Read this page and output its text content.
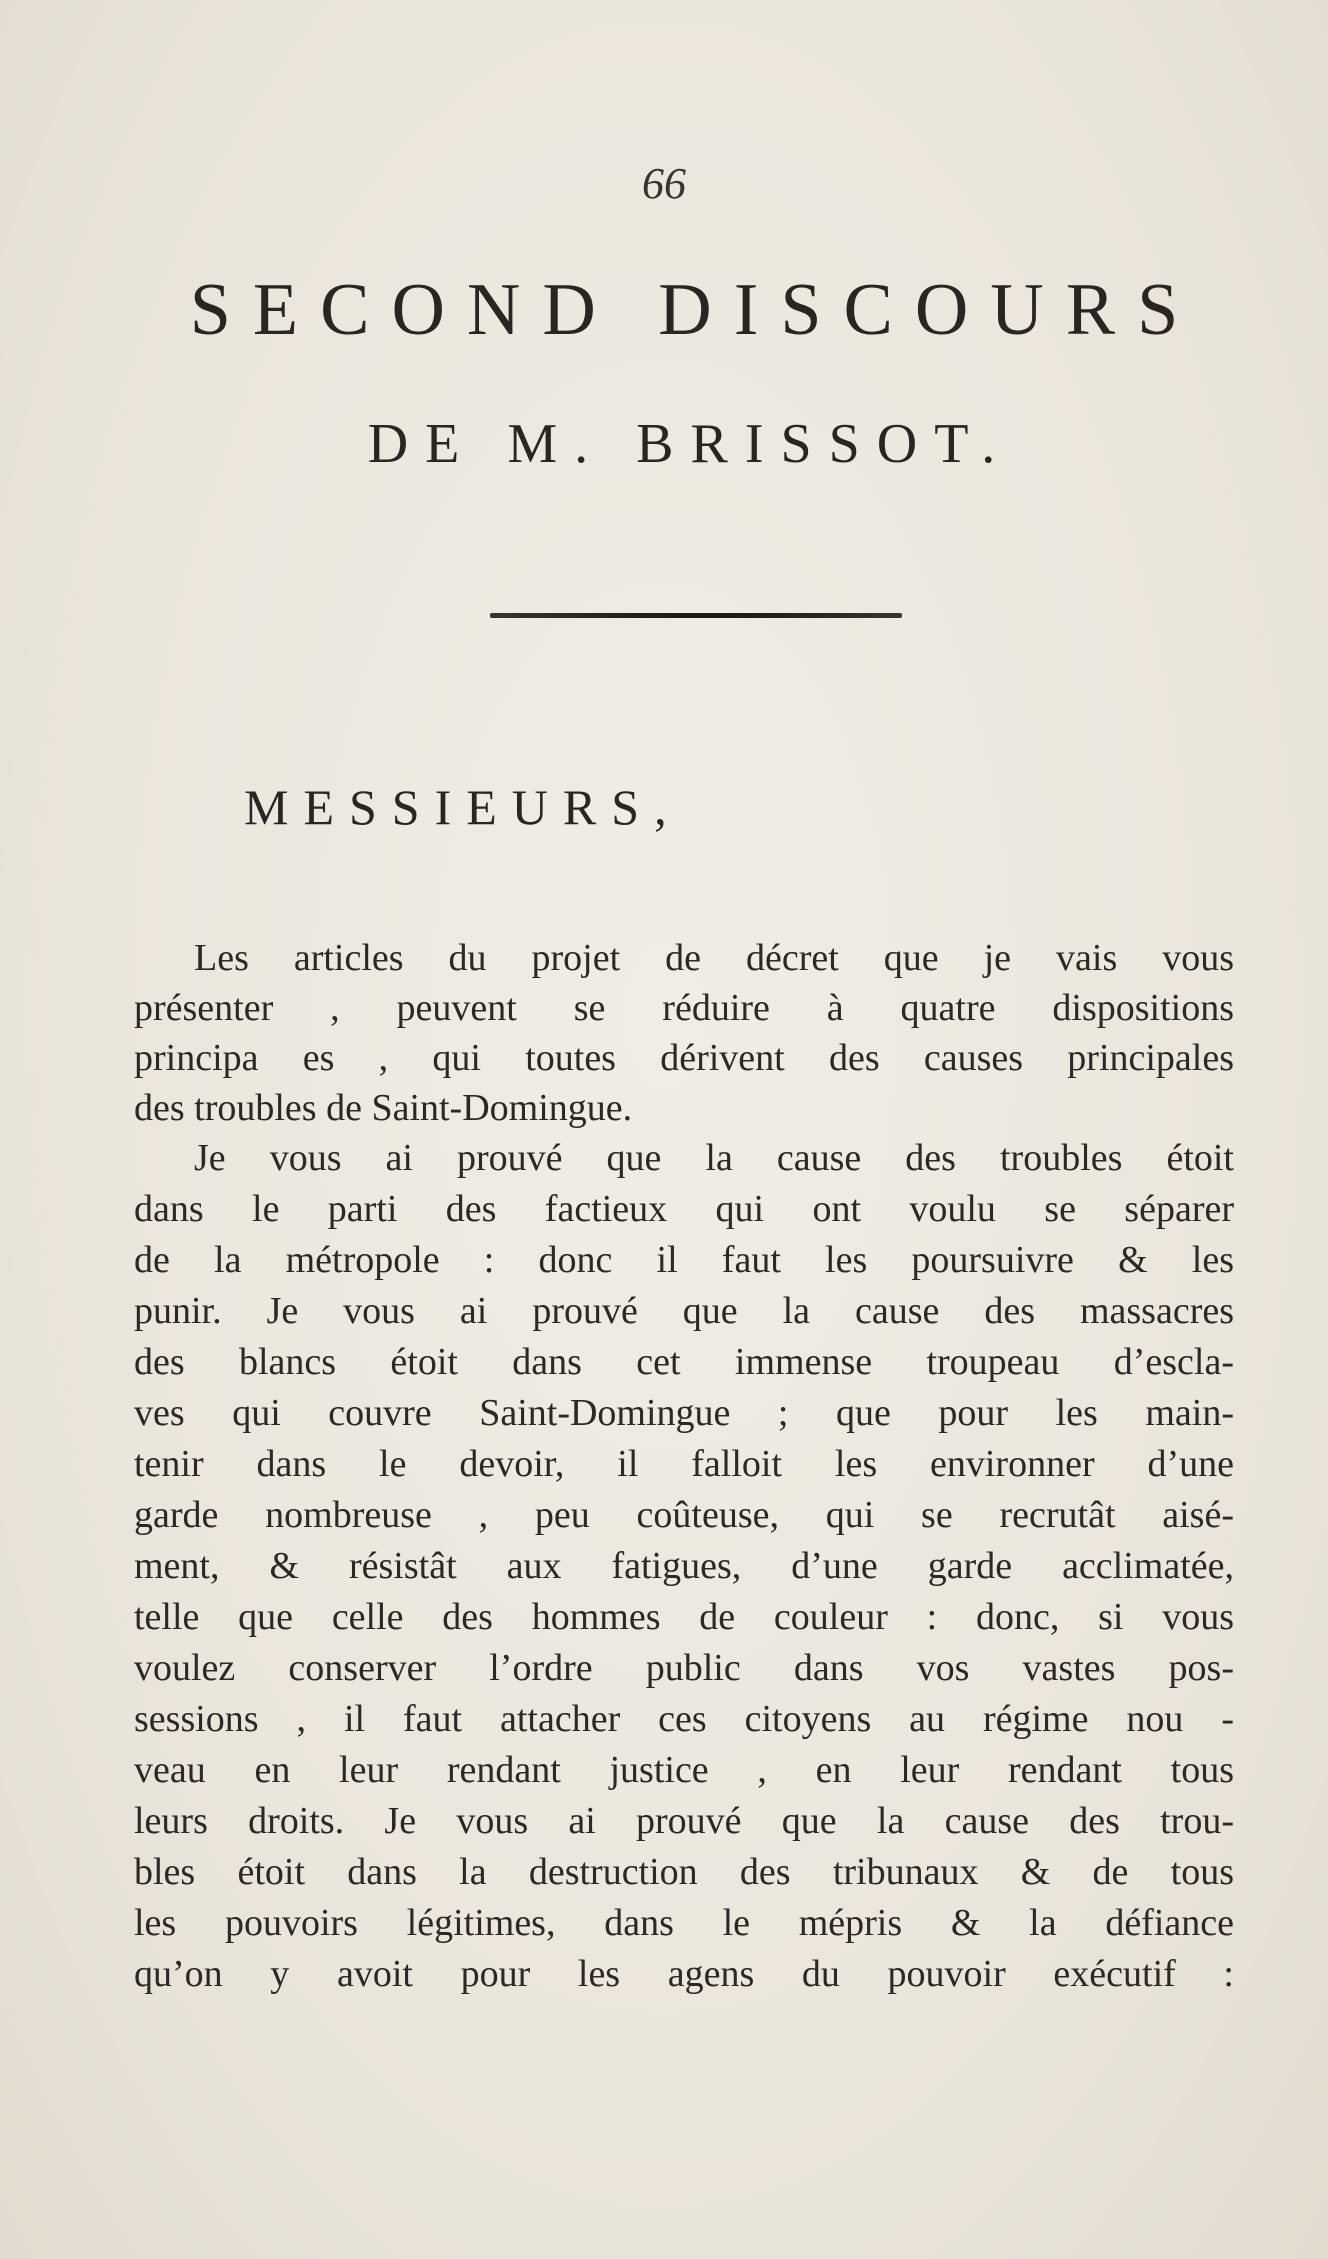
66
SECOND DISCOURS
DE M. BRISSOT.
MESSIEURS,
Les articles du projet de décret que je vais vous
présenter , peuvent se réduire à quatre dispositions
principa es , qui toutes dérivent des causes principales
des troubles de Saint-Domingue.
Je vous ai prouvé que la cause des troubles étoit
dans le parti des factieux qui ont voulu se séparer
de la métropole : donc il faut les poursuivre & les
punir. Je vous ai prouvé que la cause des massacres
des blancs étoit dans cet immense troupeau d’escla-
ves qui couvre Saint-Domingue ; que pour les main-
tenir dans le devoir, il falloit les environner d’une
garde nombreuse , peu coûteuse, qui se recrutât aisé-
ment, & résistât aux fatigues, d’une garde acclimatée,
telle que celle des hommes de couleur : donc, si vous
voulez conserver l’ordre public dans vos vastes pos-
sessions , il faut attacher ces citoyens au régime nou -
veau en leur rendant justice , en leur rendant tous
leurs droits. Je vous ai prouvé que la cause des trou-
bles étoit dans la destruction des tribunaux & de tous
les pouvoirs légitimes, dans le mépris & la défiance
qu’on y avoit pour les agens du pouvoir exécutif :
